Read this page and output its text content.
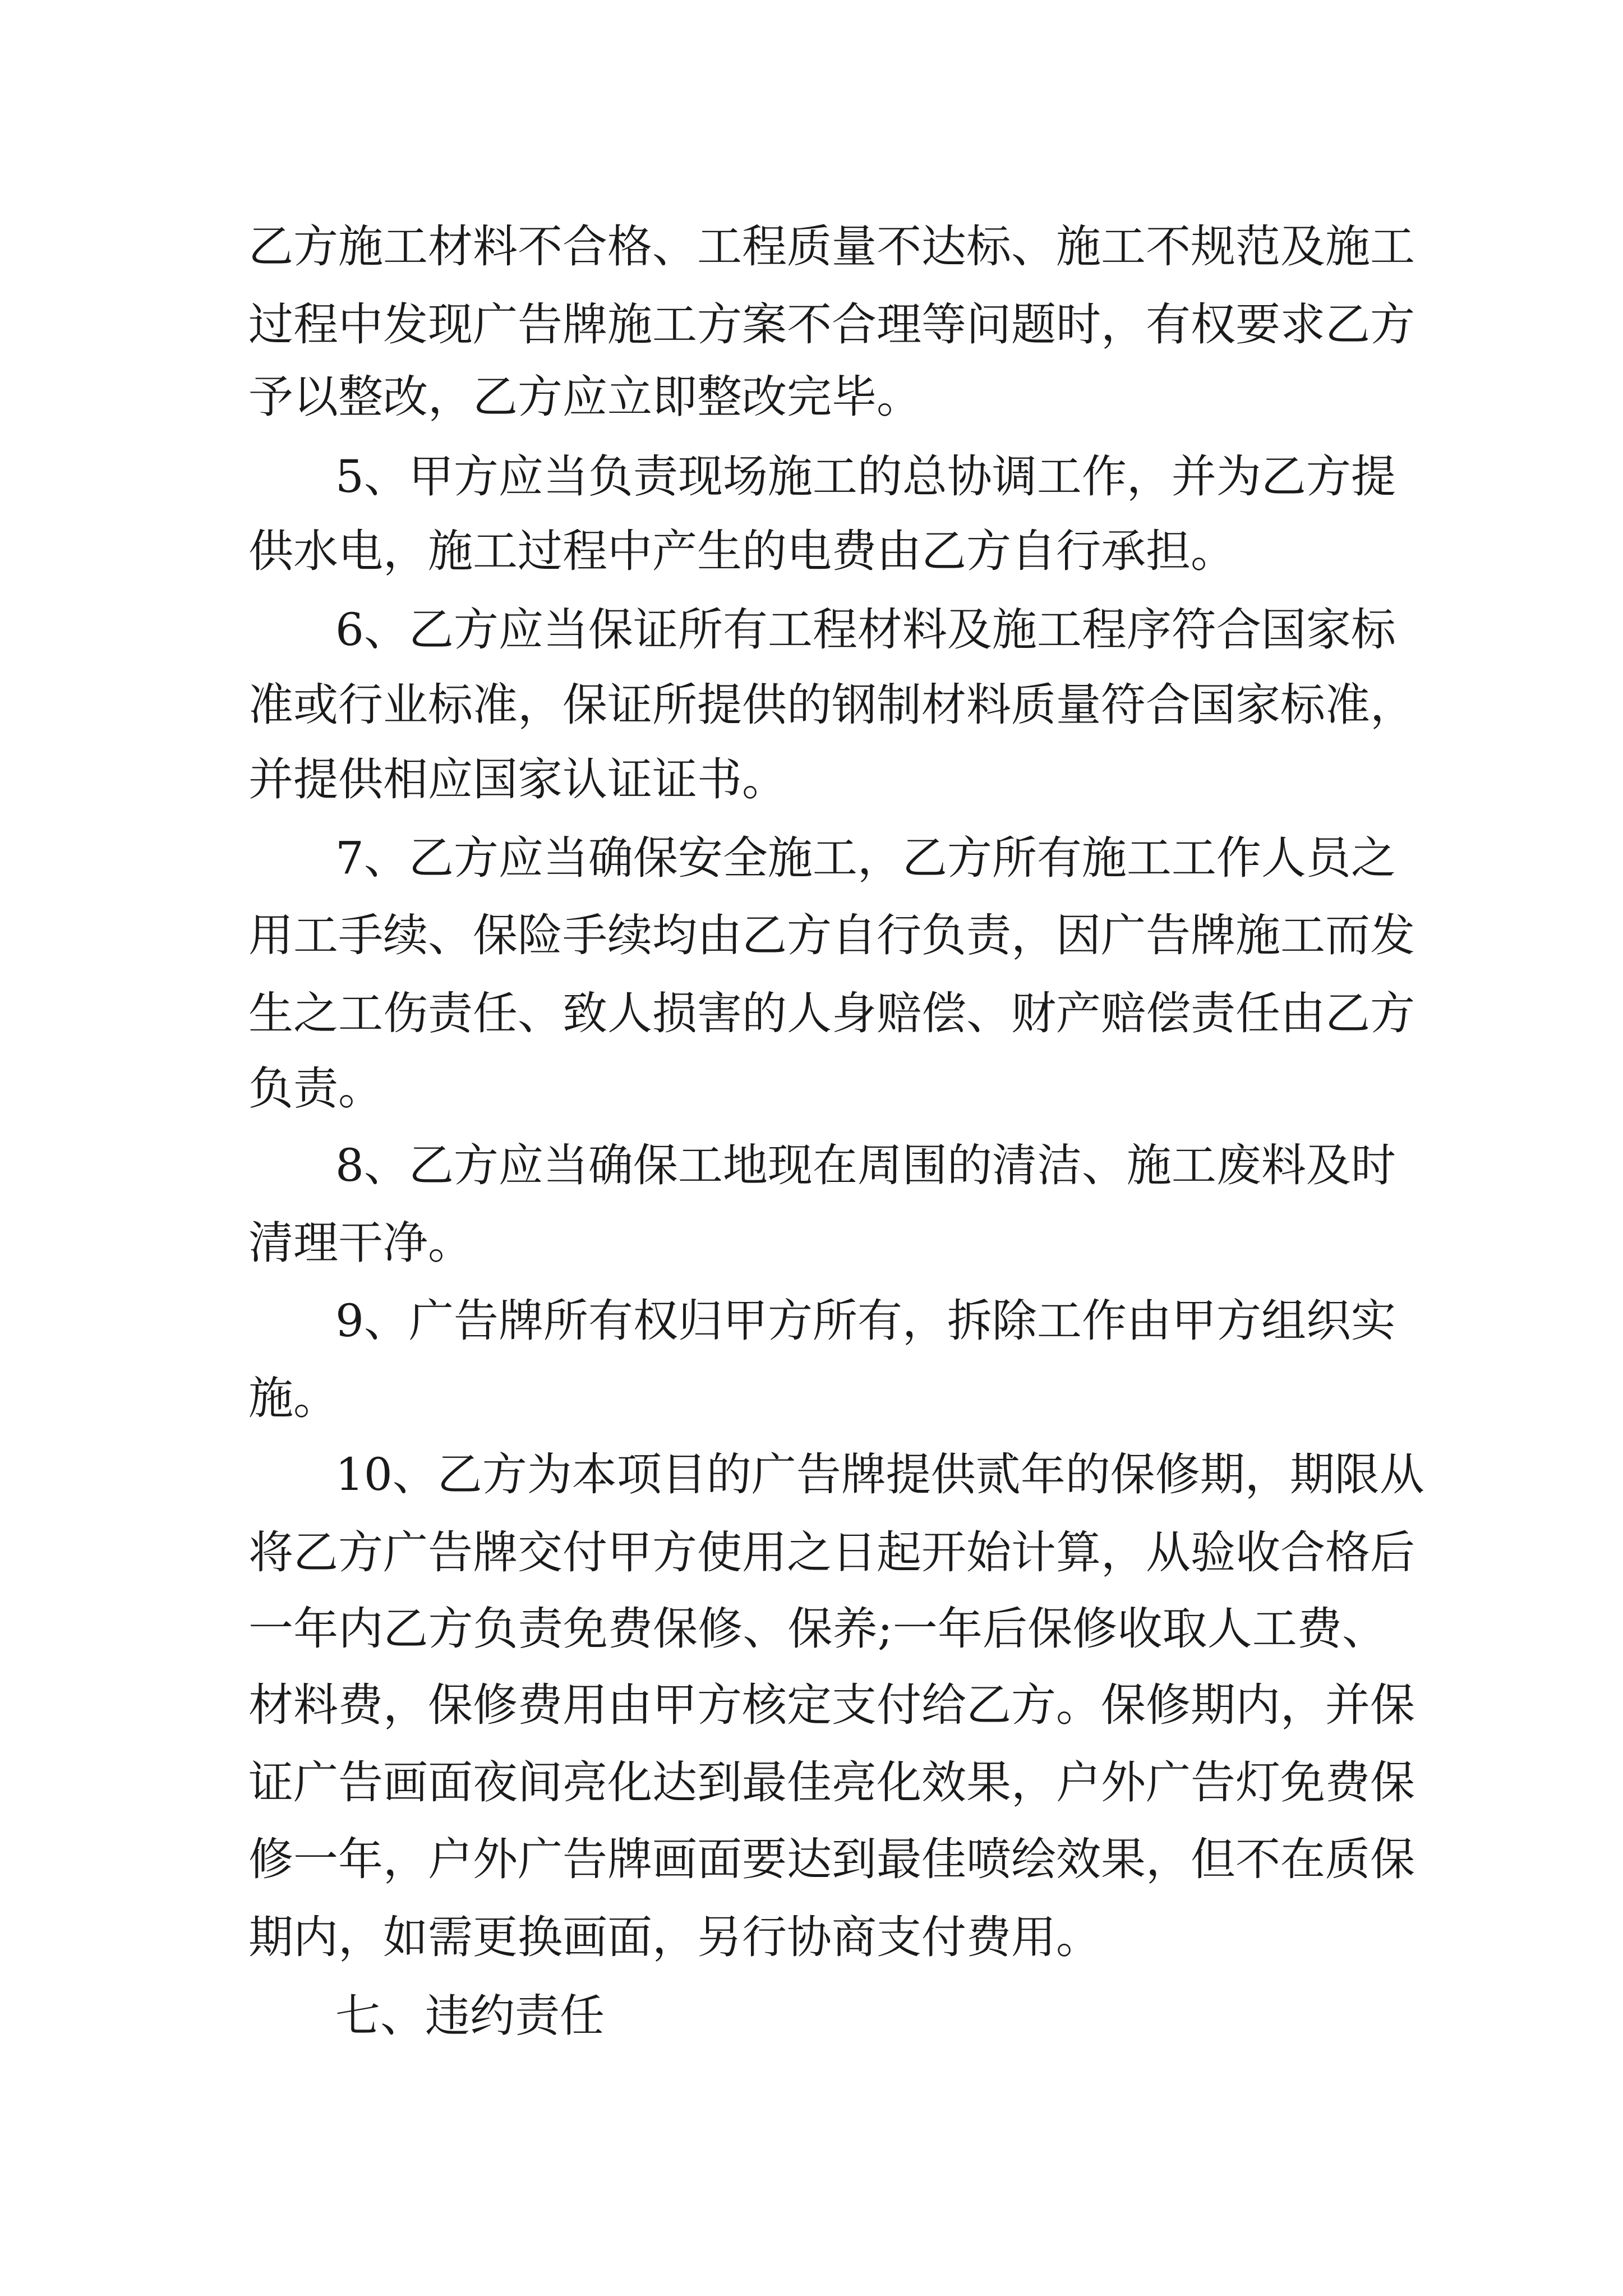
乙方施工材料不合格、工程质量不达标、施工不规范及施工
过程中发现广告牌施工方案不合理等问题时，有权要求乙方
予以整改，乙方应立即整改完毕。
5、甲方应当负责现场施工的总协调工作，并为乙方提
供水电，施工过程中产生的电费由乙方自行承担。
6、乙方应当保证所有工程材料及施工程序符合国家标
准或行业标准，保证所提供的钢制材料质量符合国家标准，
并提供相应国家认证证书。
7、乙方应当确保安全施工，乙方所有施工工作人员之
用工手续、保险手续均由乙方自行负责，因广告牌施工而发
生之工伤责任、致人损害的人身赔偿、财产赔偿责任由乙方
负责。
8、乙方应当确保工地现在周围的清洁、施工废料及时
清理干净。
9、广告牌所有权归甲方所有，拆除工作由甲方组织实
施。
10、乙方为本项目的广告牌提供贰年的保修期，期限从
将乙方广告牌交付甲方使用之日起开始计算，从验收合格后
一年内乙方负责免费保修、保养;一年后保修收取人工费、
材料费，保修费用由甲方核定支付给乙方。保修期内，并保
证广告画面夜间亮化达到最佳亮化效果，户外广告灯免费保
修一年，户外广告牌画面要达到最佳喷绘效果，但不在质保
期内，如需更换画面，另行协商支付费用。
七、违约责任
